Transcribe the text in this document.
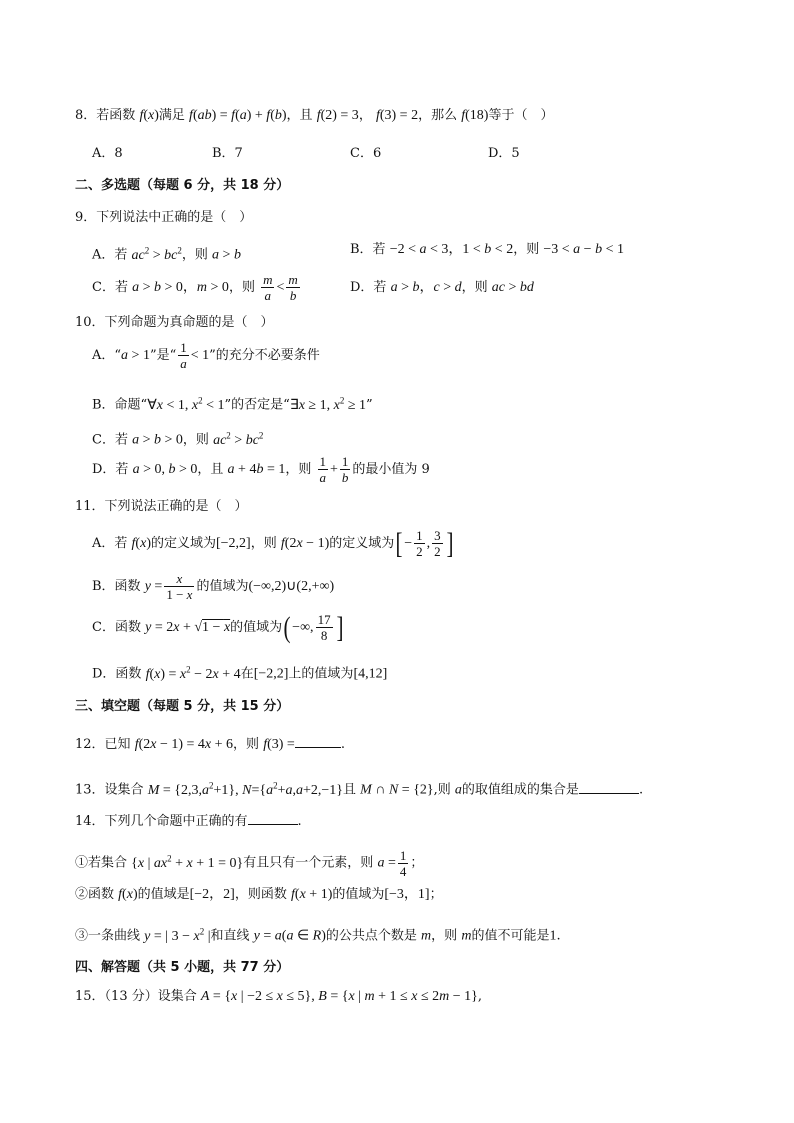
8．若函数 f(x)满足 f(ab) = f(a) + f(b)，且 f(2) = 3， f(3) = 2，那么 f(18)等于（　）
A．8	B．7	C．6	D．5
二、多选题（每题 6 分，共 18 分）
9．下列说法中正确的是（　）
A．若 $ac^2 > bc^2$，则 a > b	B．若 −2 < a < 3，1 < b < 2，则 −3 < a − b < 1
C．若 a > b > 0，m > 0，则 $\frac{m}{a} < \frac{m}{b}$	D．若 a > b，c > d，则 ac > bd
10．下列命题为真命题的是（　）
A．“a > 1”是“ $\frac{1}{a} < 1$”的充分不必要条件
B．命题“∀x < 1, $x^2 < 1$”的否定是“∃x ≥ 1, $x^2 \ge 1$”
C．若 a > b > 0，则 $ac^2 > bc^2$
D．若 a > 0, b > 0，且 a + 4b = 1，则 $\frac{1}{a} + \frac{1}{b}$ 的最小值为 9
11．下列说法正确的是（　）
A．若 f(x)的定义域为[−2,2]，则 f(2x − 1)的定义域为[ − $\frac{1}{2}$ , $\frac{3}{2}$ ]
B．函数 $y = \frac{x}{1 - x}$ 的值域为(−∞,2)∪(2,+∞)
C．函数 y = 2x + √1 − x的值域为( −∞, $\frac{17}{8}$ ]
D．函数 $f(x) = x^2 - 2x + 4$在[−2,2]上的值域为[4,12]
三、填空题（每题 5 分，共 15 分）
12．已知 f(2x − 1) = 4x + 6，则 f(3) =	.
13．设集合 $M = \{2,3,a^2+1\}$, $N=\{a^2+a,a+2,-1\}$且 M ∩ N = {2},则 a的取值组成的集合是	.
14．下列几个命题中正确的有	.
①若集合 {x | $ax^2 + x + 1 = 0$}有且只有一个元素，则 $a = \frac{1}{4}$ ；
②函数 f(x)的值域是[−2，2]，则函数 f(x + 1)的值域为[−3，1]；
③一条曲线 y = | $3 - x^2$ |和直线 y = a(a ∈ R)的公共点个数是 m，则 m的值不可能是1.
四、解答题（共 5 小题，共 77 分）
15．（13 分）设集合 A = {x | −2 ≤ x ≤ 5}, B = {x | m + 1 ≤ x ≤ 2m − 1},
